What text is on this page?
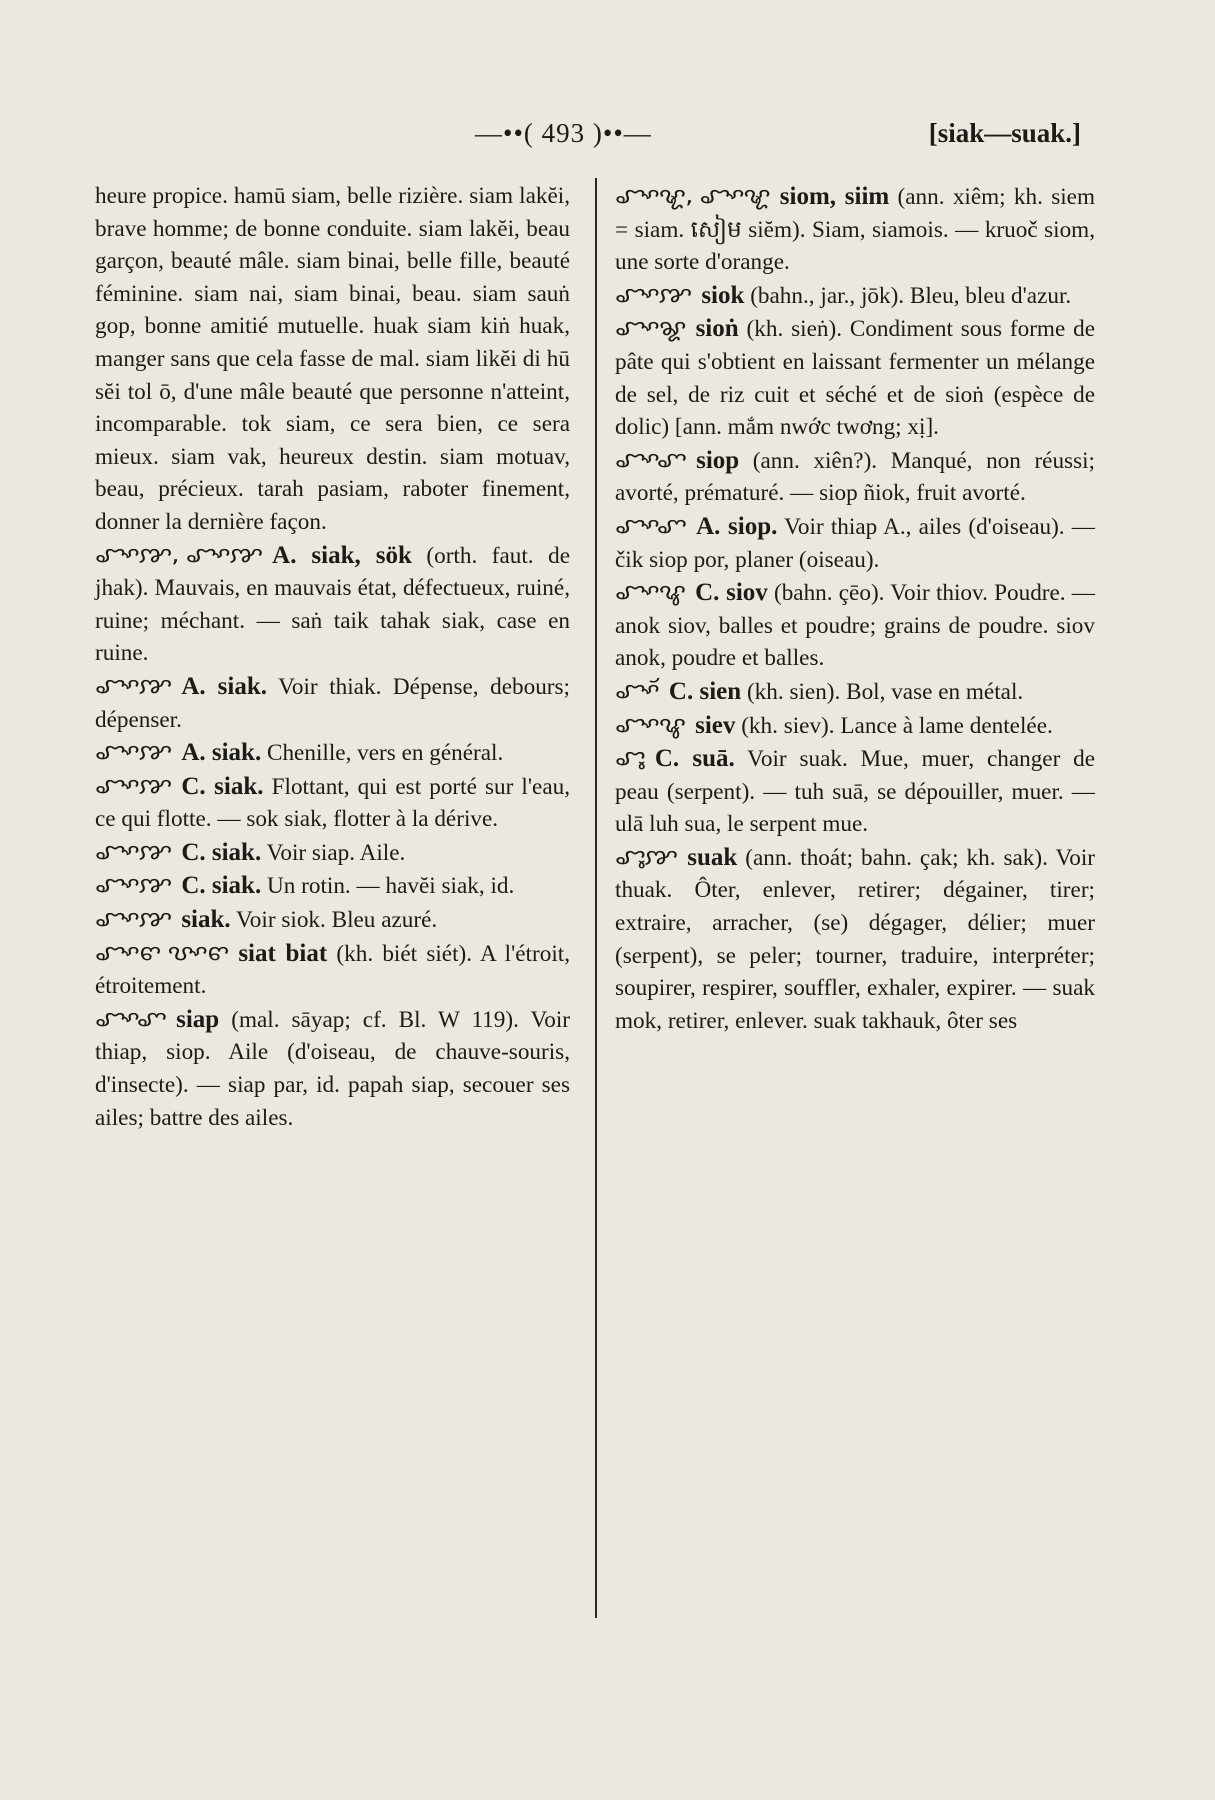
—••( 493 )••—	[siak—suak.]

heure propice. hamū siam, belle rizière. siam lakĕi, brave homme; de bonne conduite. siam lakĕi, beau garçon, beauté mâle. siam binai, belle fille, beauté féminine. siam nai, siam binai, beau. siam sauṅ gop, bonne amitié mutuelle. huak siam kiṅ huak, manger sans que cela fasse de mal. siam likĕi di hū sĕi tol ō, d'une mâle beauté que personne n'atteint, incomparable. tok siam, ce sera bien, ce sera mieux. siam vak, heureux destin. siam motuav, beau, précieux. tarah pasiam, raboter finement, donner la dernière façon.

ꨧꨳꨇ, ꨧꨳꨇ A. siak, sök (orth. faut. de jhak). Mauvais, en mauvais état, défectueux, ruiné, ruine; méchant. — saṅ taik tahak siak, case en ruine.

ꨧꨳꨇ A. siak. Voir thiak. Dépense, debours; dépenser.

ꨧꨳꨇ A. siak. Chenille, vers en général.

ꨧꨳꨇ C. siak. Flottant, qui est porté sur l'eau, ce qui flotte. — sok siak, flotter à la dérive.

ꨧꨳꨇ C. siak. Voir siap. Aile.

ꨧꨳꨇ C. siak. Un rotin. — havĕi siak, id.

ꨧꨳꨇ siak. Voir siok. Bleu azuré.

ꨧꨳꨓ ꨝꨳꨓ siat biat (kh. biét siét). A l'étroit, étroitement.

ꨧꨳꨚ siap (mal. sāyap; cf. Bl. W 119). Voir thiap, siop. Aile (d'oiseau, de chauve-souris, d'insecte). — siap par, id. papah siap, secouer ses ailes; battre des ailes.

ꨧꨳꨠ, ꨧꨳꨠ siom, siim (ann. xiêm; kh. siem = siam. សៀម siĕm). Siam, siamois. — kruoč siom, une sorte d'orange.

ꨧꨳꨇ siok (bahn., jar., jōk). Bleu, bleu d'azur.

ꨧꨳꨘ sioṅ (kh. sieṅ). Condiment sous forme de pâte qui s'obtient en laissant fermenter un mélange de sel, de riz cuit et séché et de sioṅ (espèce de dolic) [ann. mắm nwớc twơng; xị].

ꨧꨳꨚ siop (ann. xiên?). Manqué, non réussi; avorté, prématuré. — siop ñiok, fruit avorté.

ꨧꨳꨚ A. siop. Voir thiap A., ailes (d'oiseau). — čik siop por, planer (oiseau).

ꨧꨳꨥ C. siov (bahn. çēo). Voir thiov. Poudre. — anok siov, balles et poudre; grains de poudre. siov anok, poudre et balles.

ꨧꨳꨮ C. sien (kh. sien). Bol, vase en métal.

ꨧꨳꨥ siev (kh. siev). Lance à lame dentelée.

ꨧꨶ C. suā. Voir suak. Mue, muer, changer de peau (serpent). — tuh suā, se dépouiller, muer. — ulā luh sua, le serpent mue.

ꨧꨶꨇ suak (ann. thoát; bahn. çak; kh. sak). Voir thuak. Ôter, enlever, retirer; dégainer, tirer; extraire, arracher, (se) dégager, délier; muer (serpent), se peler; tourner, traduire, interpréter; soupirer, respirer, souffler, exhaler, expirer. — suak mok, retirer, enlever. suak takhauk, ôter ses
